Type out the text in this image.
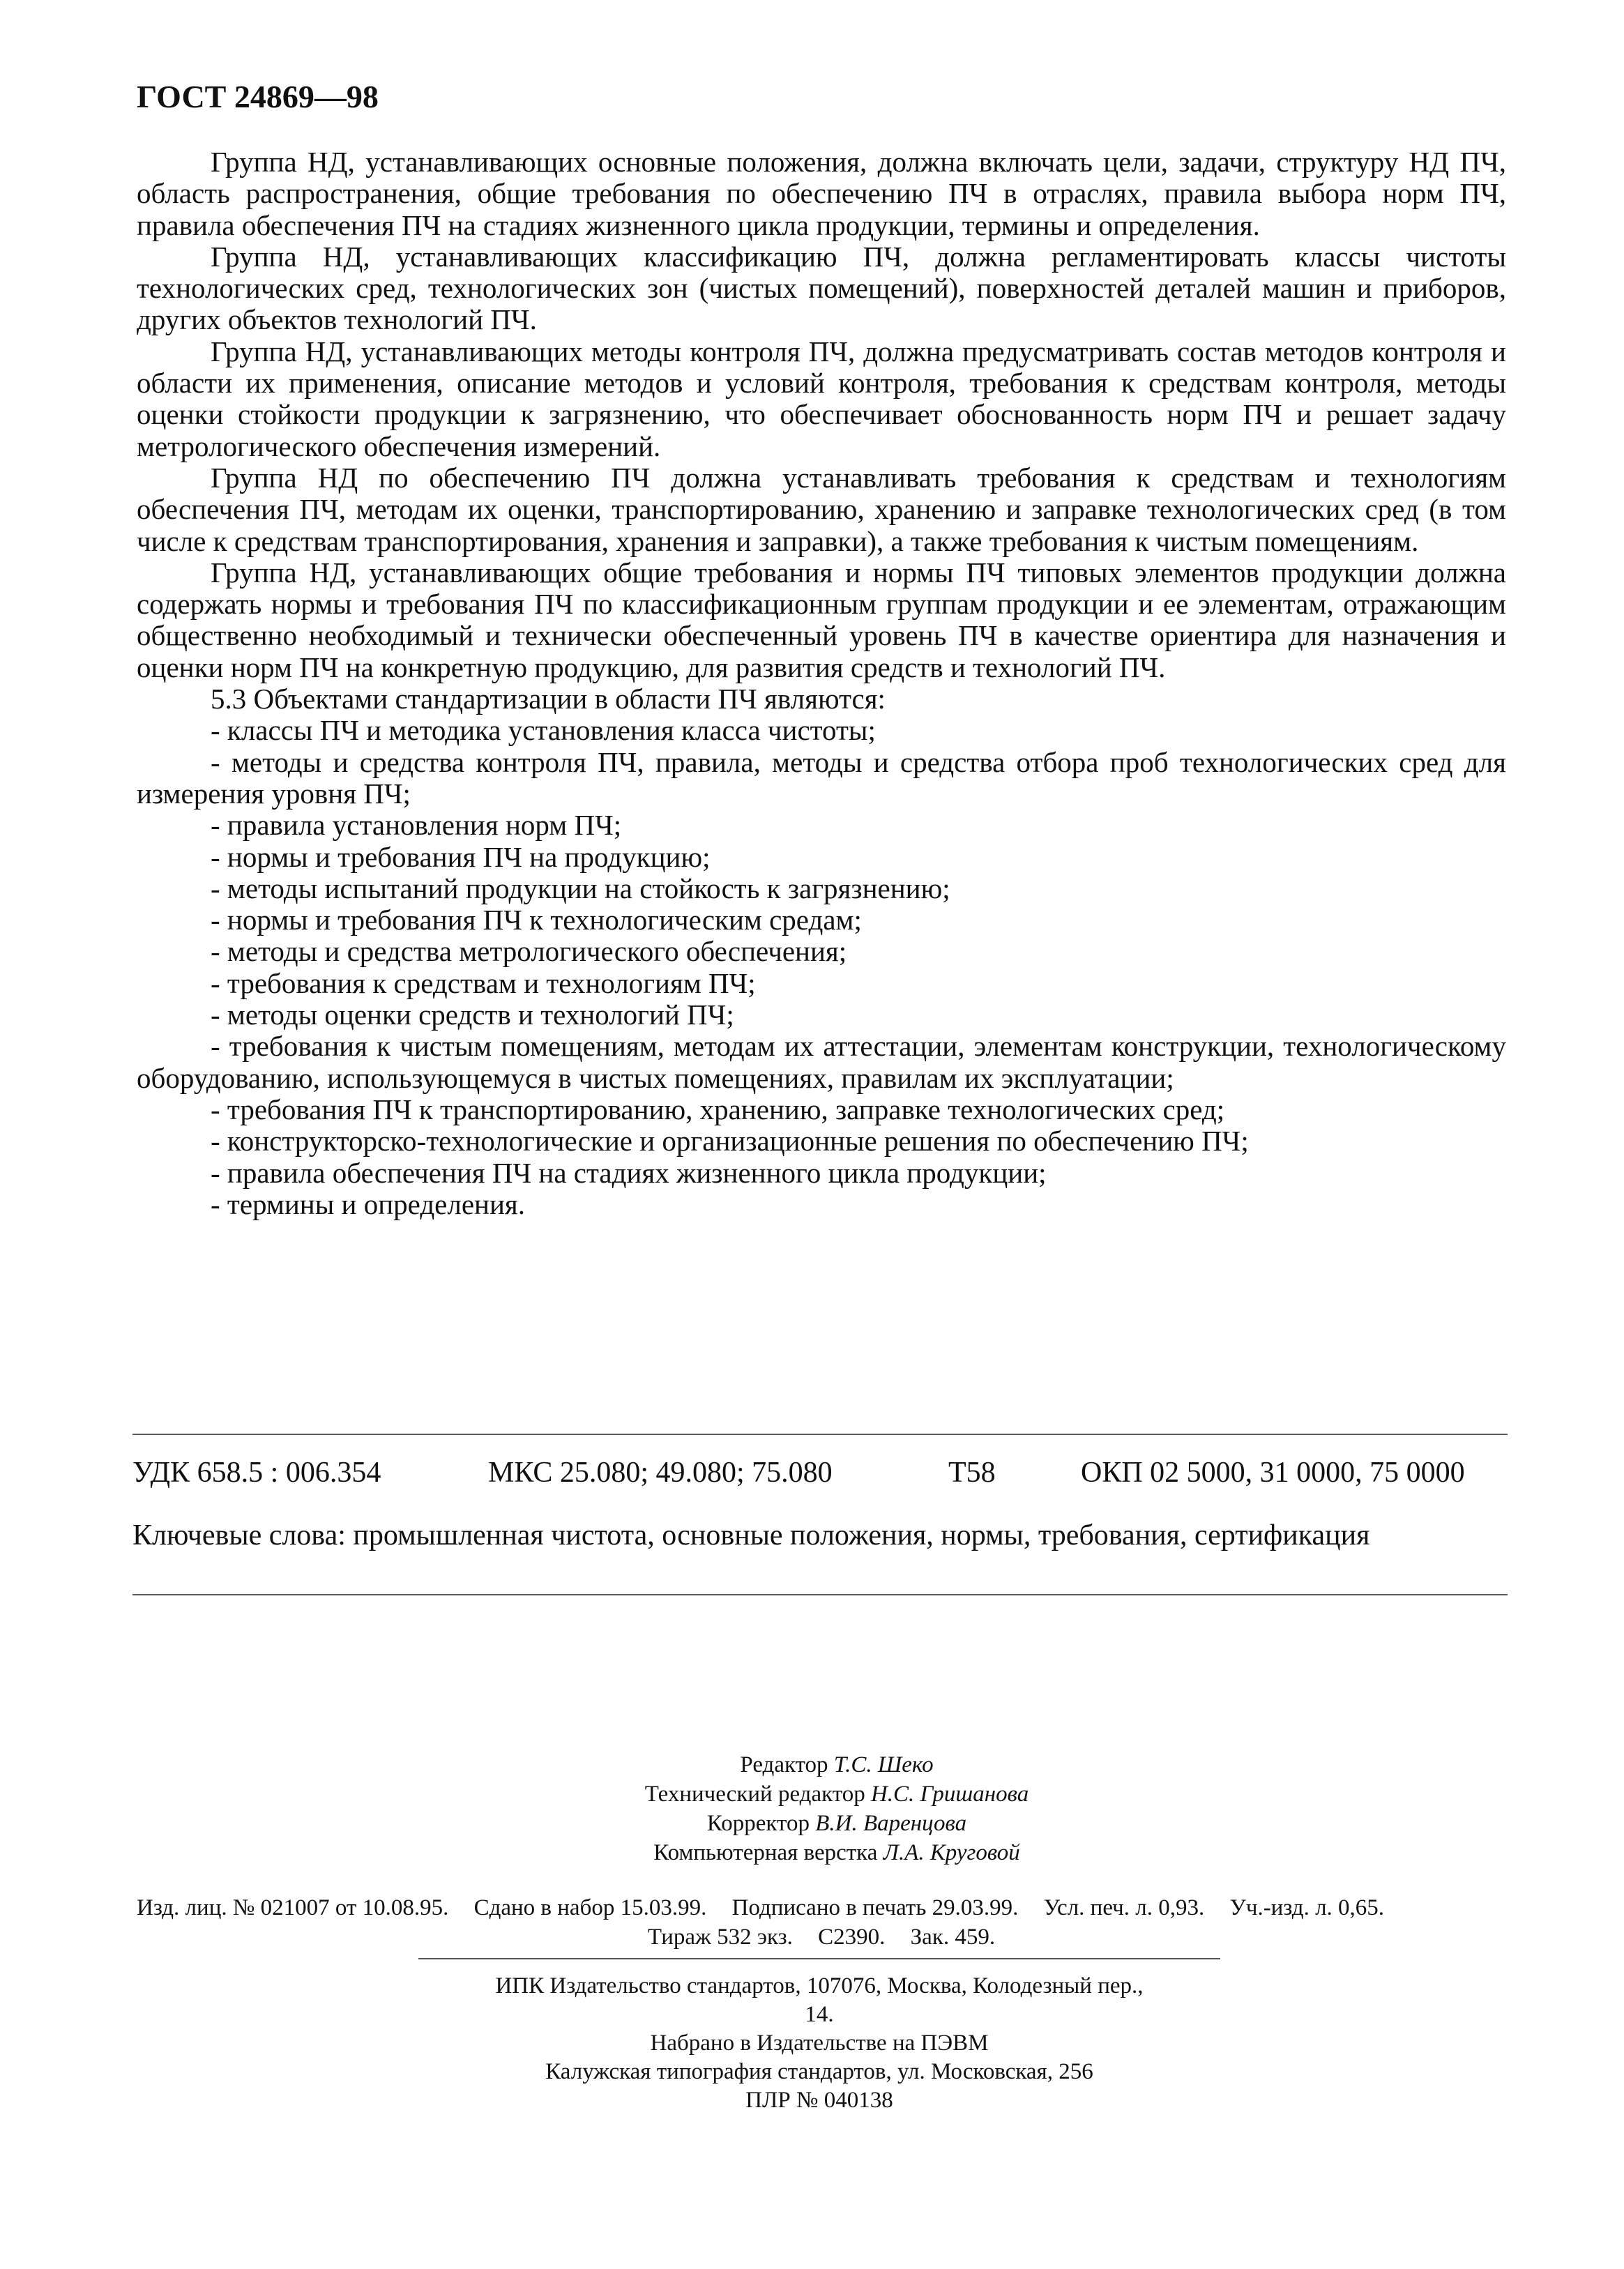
ГОСТ 24869—98

Группа НД, устанавливающих основные положения, должна включать цели, задачи, структуру НД ПЧ, область распространения, общие требования по обеспечению ПЧ в отраслях, правила выбора норм ПЧ, правила обеспечения ПЧ на стадиях жизненного цикла продукции, термины и определения.

Группа НД, устанавливающих классификацию ПЧ, должна регламентировать классы чистоты технологических сред, технологических зон (чистых помещений), поверхностей деталей машин и приборов, других объектов технологий ПЧ.

Группа НД, устанавливающих методы контроля ПЧ, должна предусматривать состав методов контроля и области их применения, описание методов и условий контроля, требования к средствам контроля, методы оценки стойкости продукции к загрязнению, что обеспечивает обоснованность норм ПЧ и решает задачу метрологического обеспечения измерений.

Группа НД по обеспечению ПЧ должна устанавливать требования к средствам и технологиям обеспечения ПЧ, методам их оценки, транспортированию, хранению и заправке технологических сред (в том числе к средствам транспортирования, хранения и заправки), а также требования к чистым помещениям.

Группа НД, устанавливающих общие требования и нормы ПЧ типовых элементов продукции должна содержать нормы и требования ПЧ по классификационным группам продукции и ее элементам, отражающим общественно необходимый и технически обеспеченный уровень ПЧ в качестве ориентира для назначения и оценки норм ПЧ на конкретную продукцию, для развития средств и технологий ПЧ.

5.3 Объектами стандартизации в области ПЧ являются:

- классы ПЧ и методика установления класса чистоты;

- методы и средства контроля ПЧ, правила, методы и средства отбора проб технологических сред для измерения уровня ПЧ;

- правила установления норм ПЧ;

- нормы и требования ПЧ на продукцию;

- методы испытаний продукции на стойкость к загрязнению;

- нормы и требования ПЧ к технологическим средам;

- методы и средства метрологического обеспечения;

- требования к средствам и технологиям ПЧ;

- методы оценки средств и технологий ПЧ;

- требования к чистым помещениям, методам их аттестации, элементам конструкции, технологическому оборудованию, использующемуся в чистых помещениях, правилам их эксплуатации;

- требования ПЧ к транспортированию, хранению, заправке технологических сред;

- конструкторско-технологические и организационные решения по обеспечению ПЧ;

- правила обеспечения ПЧ на стадиях жизненного цикла продукции;

- термины и определения.

УДК 658.5 : 006.354	МКС 25.080; 49.080; 75.080	Т58	ОКП 02 5000, 31 0000, 75 0000
Ключевые слова: промышленная чистота, основные положения, нормы, требования, сертификация
Редактор Т.С. Шеко
Технический редактор Н.С. Гришанова
Корректор В.И. Варенцова
Компьютерная верстка Л.А. Круговой
Изд. лиц. № 021007 от 10.08.95. Сдано в набор 15.03.99. Подписано в печать 29.03.99. Усл. печ. л. 0,93. Уч.-изд. л. 0,65.
Тираж 532 экз. С2390. Зак. 459.
ИПК Издательство стандартов, 107076, Москва, Колодезный пер., 14.
Набрано в Издательстве на ПЭВМ
Калужская типография стандартов, ул. Московская, 256
ПЛР № 040138
